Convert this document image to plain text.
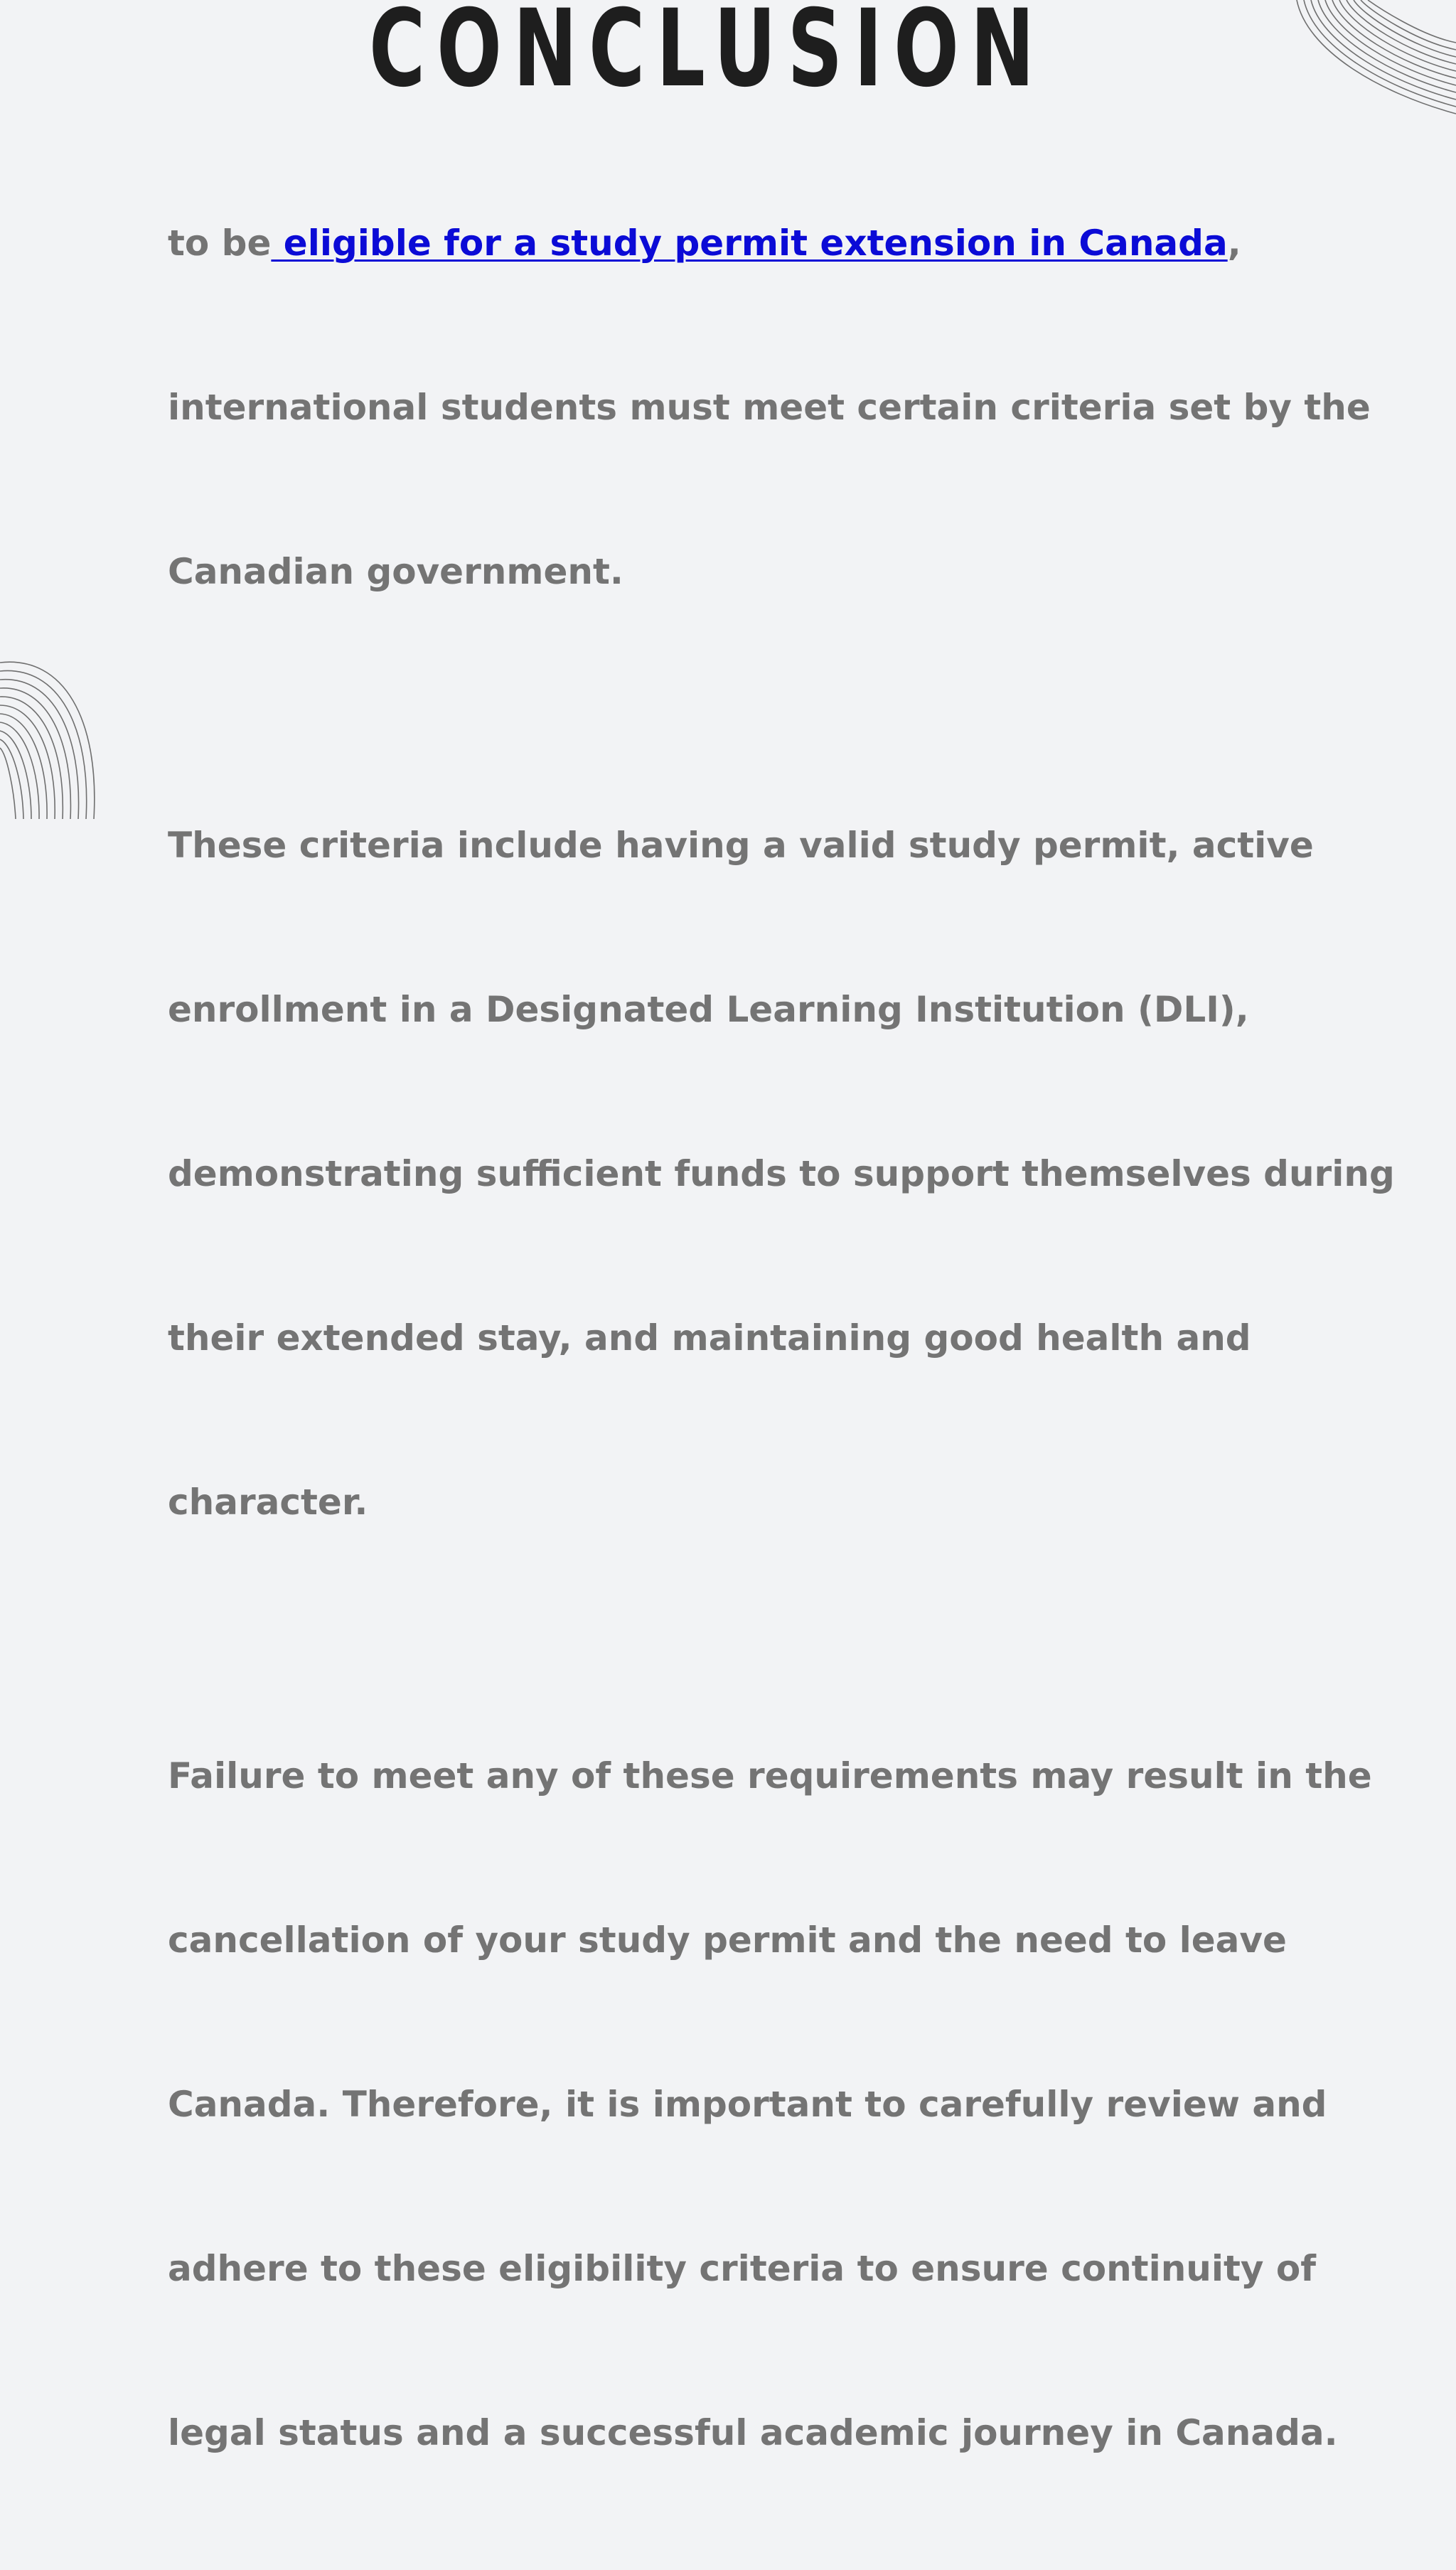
CONCLUSION

to be eligible for a study permit extension in Canada,

international students must meet certain criteria set by the

Canadian government.

These criteria include having a valid study permit, active

enrollment in a Designated Learning Institution (DLI),

demonstrating sufficient funds to support themselves during

their extended stay, and maintaining good health and

character.

Failure to meet any of these requirements may result in the

cancellation of your study permit and the need to leave

Canada. Therefore, it is important to carefully review and

adhere to these eligibility criteria to ensure continuity of

legal status and a successful academic journey in Canada.
